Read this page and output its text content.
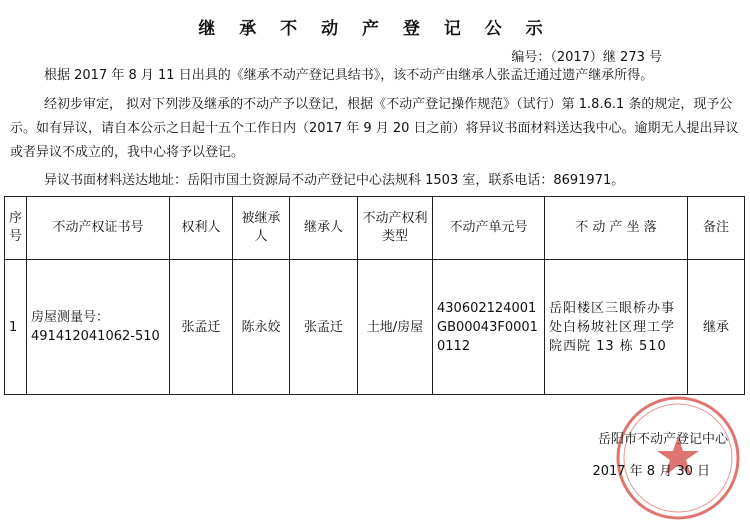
继 承 不 动 产 登 记 公 示
编号：（2017）继 273 号
根据 2017 年 8 月 11 日出具的《继承不动产登记具结书》，该不动产由继承人张孟迁通过遗产继承所得。
经初步审定， 拟对下列涉及继承的不动产予以登记，根据《不动产登记操作规范》（试行）第 1.8.6.1 条的规定，现予公示。如有异议，请自本公示之日起十五个工作日内（2017 年 9 月 20 日之前）将异议书面材料送达我中心。逾期无人提出异议或者异议不成立的，我中心将予以登记。
异议书面材料送达地址：岳阳市国土资源局不动产登记中心法规科 1503 室，联系电话：8691971。
序号	不动产权证书号	权利人	被继承人	继承人	不动产权利类型	不动产单元号	不 动 产 坐 落	备注
1	房屋测量号：491412041062-510	张孟迁	陈永姣	张孟迁	土地/房屋	430602124001GB00043F00010112	岳阳楼区三眼桥办事处白杨坡社区理工学院西院 13 栋 510	继承
岳阳市不动产登记中心
2017 年 8 月 30 日
